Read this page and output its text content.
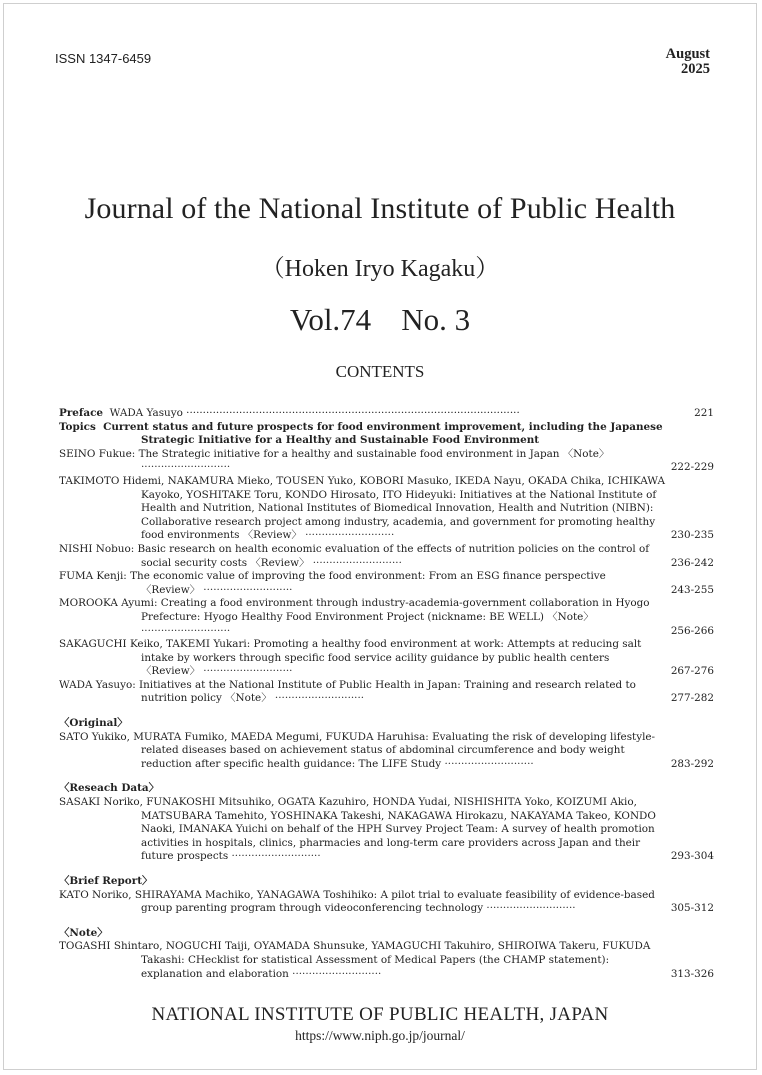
ISSN 1347-6459	August
2025
Journal of the National Institute of Public Health
（Hoken Iryo Kagaku）
Vol.74 No. 3
CONTENTS
Preface WADA Yasuyo ·····································································································	221
Topics Current status and future prospects for food environment improvement, including the Japanese Strategic Initiative for a Healthy and Sustainable Food Environment
SEINO Fukue: The Strategic initiative for a healthy and sustainable food environment in Japan 〈Note〉 ···························	222-229
TAKIMOTO Hidemi, NAKAMURA Mieko, TOUSEN Yuko, KOBORI Masuko, IKEDA Nayu, OKADA Chika, ICHIKAWA Kayoko, YOSHITAKE Toru, KONDO Hirosato, ITO Hideyuki: Initiatives at the National Institute of Health and Nutrition, National Institutes of Biomedical Innovation, Health and Nutrition (NIBN): Collaborative research project among industry, academia, and government for promoting healthy food environments 〈Review〉 ···························	230-235
NISHI Nobuo: Basic research on health economic evaluation of the effects of nutrition policies on the control of social security costs 〈Review〉 ···························	236-242
FUMA Kenji: The economic value of improving the food environment: From an ESG finance perspective 〈Review〉 ···························	243-255
MOROOKA Ayumi: Creating a food environment through industry-academia-government collaboration in Hyogo Prefecture: Hyogo Healthy Food Environment Project (nickname: BE WELL) 〈Note〉 ···························	256-266
SAKAGUCHI Keiko, TAKEMI Yukari: Promoting a healthy food environment at work: Attempts at reducing salt intake by workers through specific food service acility guidance by public health centers 〈Review〉 ···························	267-276
WADA Yasuyo: Initiatives at the National Institute of Public Health in Japan: Training and research related to nutrition policy 〈Note〉 ···························	277-282
〈Original〉
SATO Yukiko, MURATA Fumiko, MAEDA Megumi, FUKUDA Haruhisa: Evaluating the risk of developing lifestyle-related diseases based on achievement status of abdominal circumference and body weight reduction after specific health guidance: The LIFE Study ···························	283-292
〈Reseach Data〉
SASAKI Noriko, FUNAKOSHI Mitsuhiko, OGATA Kazuhiro, HONDA Yudai, NISHISHITA Yoko, KOIZUMI Akio, MATSUBARA Tamehito, YOSHINAKA Takeshi, NAKAGAWA Hirokazu, NAKAYAMA Takeo, KONDO Naoki, IMANAKA Yuichi on behalf of the HPH Survey Project Team: A survey of health promotion activities in hospitals, clinics, pharmacies and long-term care providers across Japan and their future prospects ···························	293-304
〈Brief Report〉
KATO Noriko, SHIRAYAMA Machiko, YANAGAWA Toshihiko: A pilot trial to evaluate feasibility of evidence-based group parenting program through videoconferencing technology ···························	305-312
〈Note〉
TOGASHI Shintaro, NOGUCHI Taiji, OYAMADA Shunsuke, YAMAGUCHI Takuhiro, SHIROIWA Takeru, FUKUDA Takashi: CHecklist for statistical Assessment of Medical Papers (the CHAMP statement): explanation and elaboration ···························	313-326
NATIONAL INSTITUTE OF PUBLIC HEALTH, JAPAN
https://www.niph.go.jp/journal/
